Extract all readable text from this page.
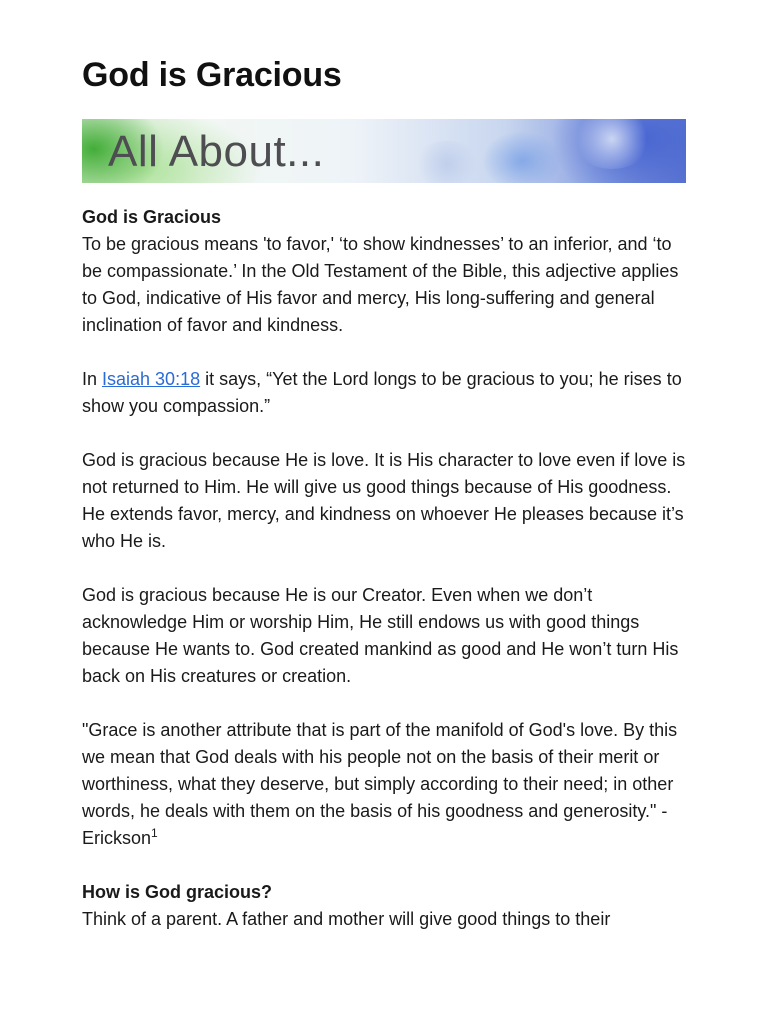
God is Gracious
All About...

God is Gracious
To be gracious means 'to favor,' ‘to show kindnesses’ to an inferior, and ‘to be compassionate.’ In the Old Testament of the Bible, this adjective applies to God, indicative of His favor and mercy, His long-suffering and general inclination of favor and kindness.

In Isaiah 30:18 it says, “Yet the Lord longs to be gracious to you; he rises to show you compassion.”

God is gracious because He is love. It is His character to love even if love is not returned to Him. He will give us good things because of His goodness. He extends favor, mercy, and kindness on whoever He pleases because it’s who He is.

God is gracious because He is our Creator. Even when we don’t acknowledge Him or worship Him, He still endows us with good things because He wants to. God created mankind as good and He won’t turn His back on His creatures or creation.

"Grace is another attribute that is part of the manifold of God's love. By this we mean that God deals with his people not on the basis of their merit or worthiness, what they deserve, but simply according to their need; in other words, he deals with them on the basis of his goodness and generosity." - Erickson$^1$

How is God gracious?
Think of a parent. A father and mother will give good things to their
